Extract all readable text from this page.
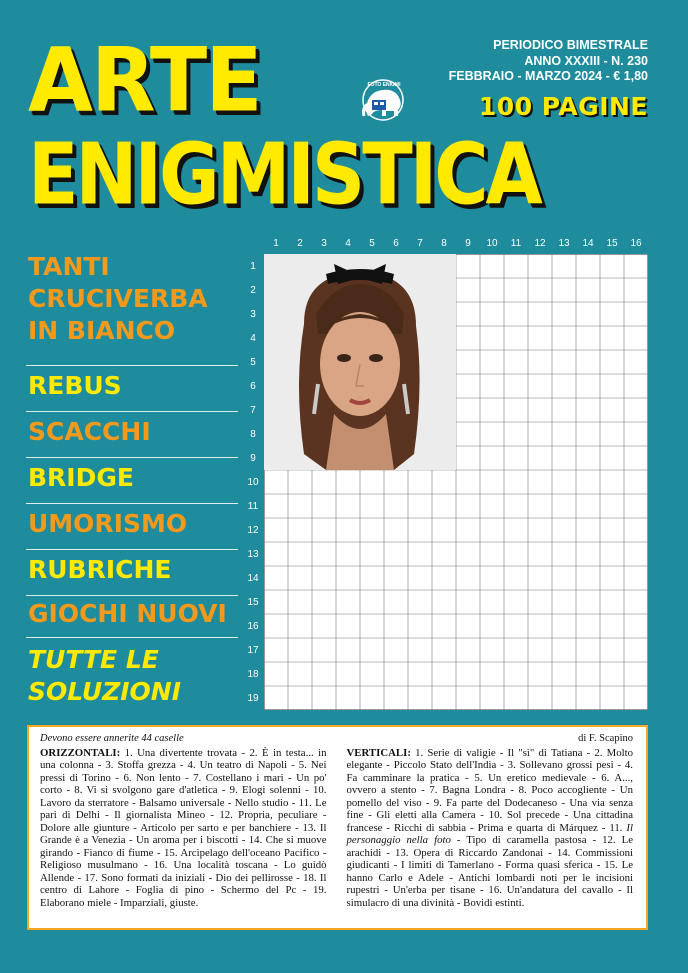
ARTE
ENIGMISTICA
PERIODICO BIMESTRALE
ANNO XXXIII - N. 230
FEBBRAIO - MARZO 2024 - € 1,80
100 PAGINE
FOTO ENIGMI
TANTI
CRUCIVERBA
IN BIANCO
REBUS
SCACCHI
BRIDGE
UMORISMO
RUBRICHE
GIOCHI NUOVI
TUTTE LE
SOLUZIONI
1	2	3	4	5	6	7	8	9	10	11	12	13	14	15	16
1
2
3
4
5
6
7
8
9
10
11
12
13
14
15
16
17
18
19
Devono essere annerite 44 caselle	di F. Scapino
ORIZZONTALI: 1. Una divertente trovata - 2. È in testa... in una colonna - 3. Stoffa grezza - 4. Un teatro di Napoli - 5. Nei pressi di Torino - 6. Non lento - 7. Costellano i mari - Un po' corto - 8. Vi si svolgono gare d'atletica - 9. Elogi solenni - 10. Lavoro da sterratore - Balsamo universale - Nello studio - 11. Le pari di Delhi - Il giornalista Mineo - 12. Propria, peculiare - Dolore alle giunture - Articolo per sarto e per banchiere - 13. Il Grande è a Venezia - Un aroma per i biscotti - 14. Che si muove girando - Fianco di fiume - 15. Arcipelago dell'oceano Pacifico - Religioso musulmano - 16. Una località toscana - Lo guidò Allende - 17. Sono formati da iniziali - Dio dei pellirosse - 18. Il centro di Lahore - Foglia di pino - Schermo del Pc - 19. Elaborano miele - Imparziali, giuste.
VERTICALI: 1. Serie di valigie - Il "sì" di Tatiana - 2. Molto elegante - Piccolo Stato dell'India - 3. Sollevano grossi pesi - 4. Fa camminare la pratica - 5. Un eretico medievale - 6. A..., ovvero a stento - 7. Bagna Londra - 8. Poco accogliente - Un pomello del viso - 9. Fa parte del Dodecaneso - Una via senza fine - Gli eletti alla Camera - 10. Sol precede - Una cittadina francese - Ricchi di sabbia - Prima e quarta di Márquez - 11. Il personaggio nella foto - Tipo di caramella pastosa - 12. Le arachidi - 13. Opera di Riccardo Zandonai - 14. Commissioni giudicanti - I limiti di Tamerlano - Forma quasi sferica - 15. Le hanno Carlo e Adele - Antichi lombardi noti per le incisioni rupestri - Un'erba per tisane - 16. Un'andatura del cavallo - Il simulacro di una divinità - Bovidi estinti.
